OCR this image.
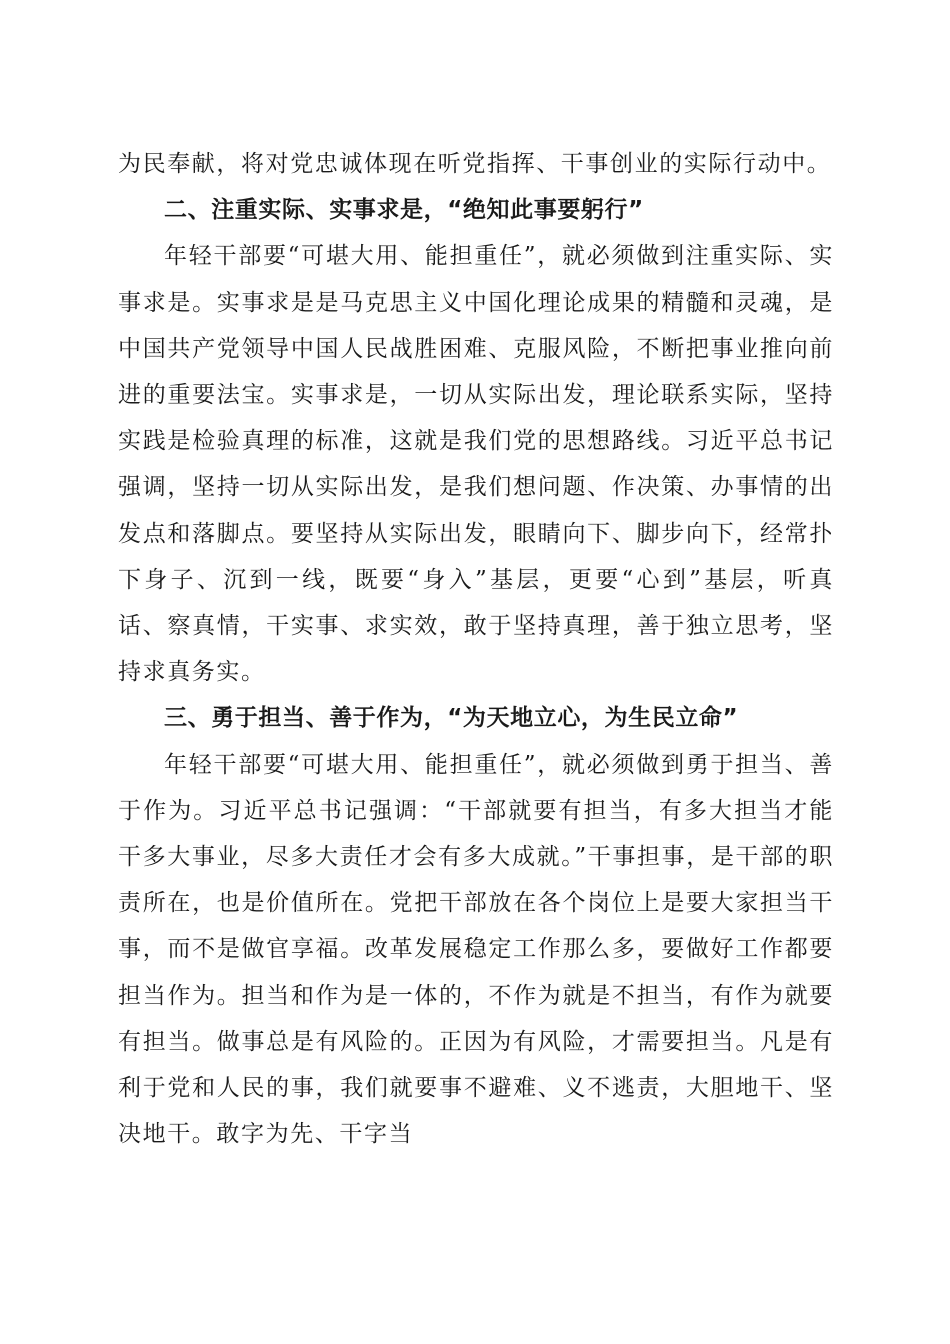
为民奉献，将对党忠诚体现在听党指挥、干事创业的实际行动中。

二、注重实际、实事求是，“绝知此事要躬行”

年轻干部要“可堪大用、能担重任”，就必须做到注重实际、实事求是。实事求是是马克思主义中国化理论成果的精髓和灵魂，是中国共产党领导中国人民战胜困难、克服风险，不断把事业推向前进的重要法宝。实事求是，一切从实际出发，理论联系实际，坚持实践是检验真理的标准，这就是我们党的思想路线。习近平总书记强调，坚持一切从实际出发，是我们想问题、作决策、办事情的出发点和落脚点。要坚持从实际出发，眼睛向下、脚步向下，经常扑下身子、沉到一线，既要“身入”基层，更要“心到”基层，听真话、察真情，干实事、求实效，敢于坚持真理，善于独立思考，坚持求真务实。

三、勇于担当、善于作为，“为天地立心，为生民立命”

年轻干部要“可堪大用、能担重任”，就必须做到勇于担当、善于作为。习近平总书记强调：“干部就要有担当，有多大担当才能干多大事业，尽多大责任才会有多大成就。”干事担事，是干部的职责所在，也是价值所在。党把干部放在各个岗位上是要大家担当干事，而不是做官享福。改革发展稳定工作那么多，要做好工作都要担当作为。担当和作为是一体的，不作为就是不担当，有作为就要有担当。做事总是有风险的。正因为有风险，才需要担当。凡是有利于党和人民的事，我们就要事不避难、义不逃责，大胆地干、坚决地干。敢字为先、干字当
